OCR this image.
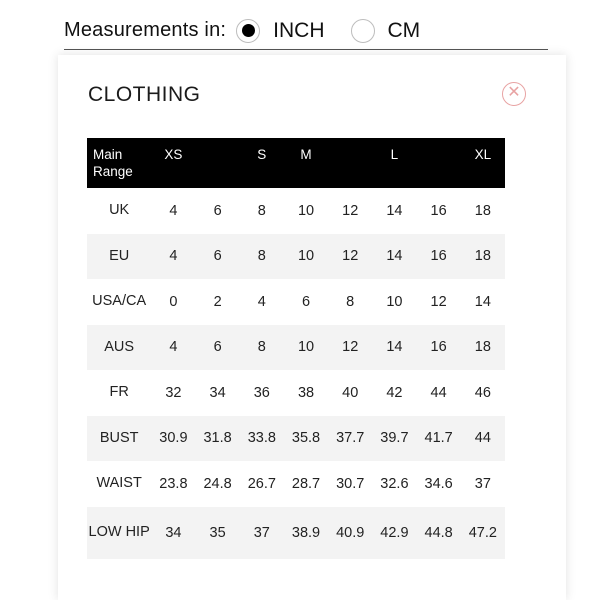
Measurements in: INCH	CM
CLOTHING	✕
Main Range	XS		S	M		L		XL
UK	4	6	8	10	12	14	16	18
EU	4	6	8	10	12	14	16	18
USA/CA	0	2	4	6	8	10	12	14
AUS	4	6	8	10	12	14	16	18
FR	32	34	36	38	40	42	44	46
BUST	30.9	31.8	33.8	35.8	37.7	39.7	41.7	44
WAIST	23.8	24.8	26.7	28.7	30.7	32.6	34.6	37
LOW HIP	34	35	37	38.9	40.9	42.9	44.8	47.2
